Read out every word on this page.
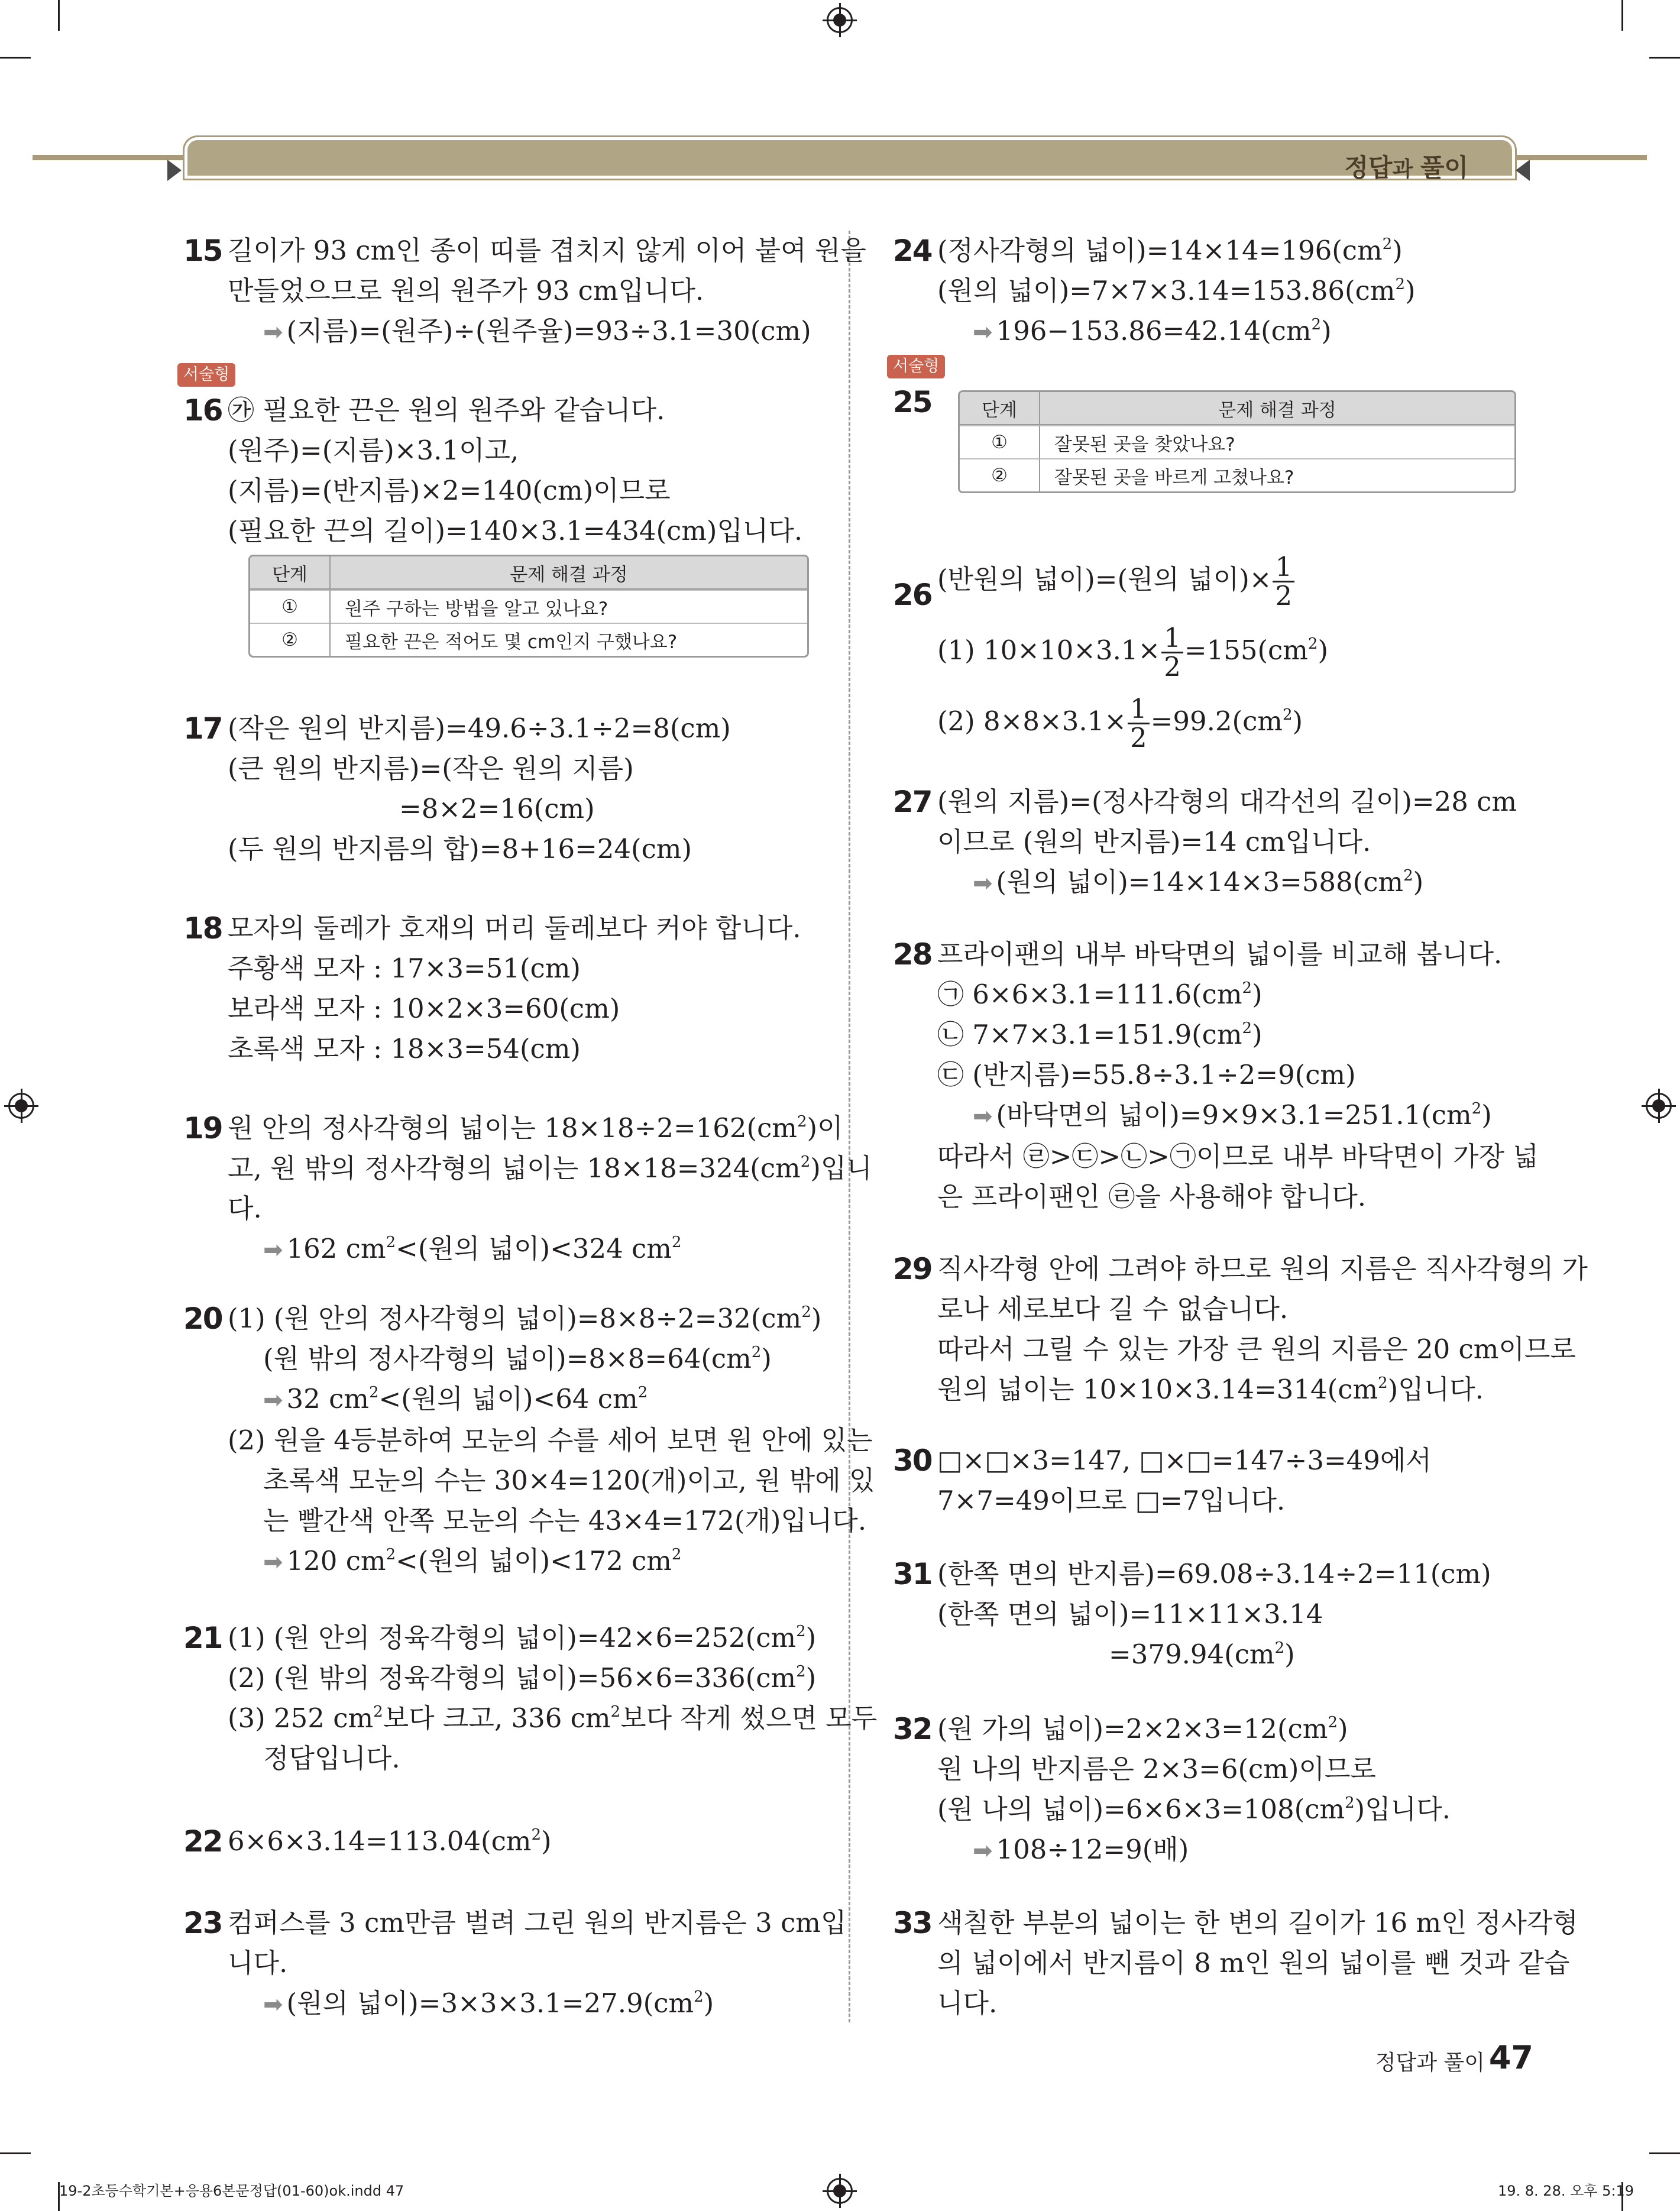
정답과 풀이
15 길이가 93 cm인 종이 띠를 겹치지 않게 이어 붙여 원을
만들었으므로 원의 원주가 93 cm입니다.
➡ (지름)=(원주)÷(원주율)=93÷3.1=30(cm)
서술형
16 ㉮ 필요한 끈은 원의 원주와 같습니다.
(원주)=(지름)×3.1이고,
(지름)=(반지름)×2=140(cm)이므로
(필요한 끈의 길이)=140×3.1=434(cm)입니다.
단계	문제 해결 과정
①	원주 구하는 방법을 알고 있나요?
②	필요한 끈은 적어도 몇 cm인지 구했나요?
17 (작은 원의 반지름)=49.6÷3.1÷2=8(cm)
(큰 원의 반지름)=(작은 원의 지름)
=8×2=16(cm)
(두 원의 반지름의 합)=8+16=24(cm)
18 모자의 둘레가 호재의 머리 둘레보다 커야 합니다.
주황색 모자 : 17×3=51(cm)
보라색 모자 : 10×2×3=60(cm)
초록색 모자 : 18×3=54(cm)
19 원 안의 정사각형의 넓이는 $18\times 18\div 2=162(cm^2)$이
고, 원 밖의 정사각형의 넓이는 $18\times 18=324(cm^2)$입니
다.
➡ 162 $cm^2<$(원의 넓이)<324 $cm^2$
20 (1) (원 안의 정사각형의 넓이)$=8\times 8\div 2=32(cm^2)$
(원 밖의 정사각형의 넓이)$=8\times 8=64(cm^2)$
➡ 32 $cm^2<$(원의 넓이)<64 $cm^2$
(2) 원을 4등분하여 모눈의 수를 세어 보면 원 안에 있는
초록색 모눈의 수는 30×4=120(개)이고, 원 밖에 있
는 빨간색 안쪽 모눈의 수는 43×4=172(개)입니다.
➡ 120 $cm^2<$(원의 넓이)<172 $cm^2$
21 (1) (원 안의 정육각형의 넓이)$=42\times 6=252(cm^2)$
(2) (원 밖의 정육각형의 넓이)$=56\times 6=336(cm^2)$
(3) 252 $cm^2$보다 크고, 336 $cm^2$보다 작게 썼으면 모두
정답입니다.
22 $6\times 6\times 3.14=113.04(cm^2)$
23 컴퍼스를 3 cm만큼 벌려 그린 원의 반지름은 3 cm입
니다.
➡ (원의 넓이)$=3\times 3\times 3.1=27.9(cm^2)$
24 (정사각형의 넓이)$=14\times 14=196(cm^2)$
(원의 넓이)$=7\times 7\times 3.14=153.86(cm^2)$
➡ $196-153.86=42.14(cm^2)$
서술형
25	단계	문제 해결 과정
①	잘못된 곳을 찾았나요?
②	잘못된 곳을 바르게 고쳤나요?
26 (반원의 넓이)=(원의 넓이)× $\frac{1}{2}$
(1) $10\times 10\times 3.1\times \frac{1}{2} =155(cm^2)$
(2) $8\times 8\times 3.1\times \frac{1}{2} =99.2(cm^2)$
27 (원의 지름)=(정사각형의 대각선의 길이)=28 cm
이므로 (원의 반지름)=14 cm입니다.
➡ (원의 넓이)$=14\times 14\times 3=588(cm^2)$
28 프라이팬의 내부 바닥면의 넓이를 비교해 봅니다.
㉠ $6\times 6\times 3.1=111.6(cm^2)$
㉡ $7\times 7\times 3.1=151.9(cm^2)$
㉢ (반지름)=55.8÷3.1÷2=9(cm)
➡ (바닥면의 넓이)$=9\times 9\times 3.1=251.1(cm^2)$
따라서 ㉣>㉢>㉡>㉠이므로 내부 바닥면이 가장 넓
은 프라이팬인 ㉣을 사용해야 합니다.
29 직사각형 안에 그려야 하므로 원의 지름은 직사각형의 가
로나 세로보다 길 수 없습니다.
따라서 그릴 수 있는 가장 큰 원의 지름은 20 cm이므로
원의 넓이는 $10\times 10\times 3.14=314(cm^2)$입니다.
30 □×□×3=147, □×□=147÷3=49에서
7×7=49이므로 □=7입니다.
31 (한쪽 면의 반지름)=69.08÷3.14÷2=11(cm)
(한쪽 면의 넓이)=11×11×3.14
$=379.94(cm^2)$
32 (원 가의 넓이)$=2\times 2\times 3=12(cm^2)$
원 나의 반지름은 2×3=6(cm)이므로
(원 나의 넓이)$=6\times 6\times 3=108(cm^2)$입니다.
➡ 108÷12=9(배)
33 색칠한 부분의 넓이는 한 변의 길이가 16 m인 정사각형
의 넓이에서 반지름이 8 m인 원의 넓이를 뺀 것과 같습
니다.
정답과 풀이 47
19-2초등수학기본+응용6본문정답(01-60)ok.indd 47	19. 8. 28. 오후 5:19
